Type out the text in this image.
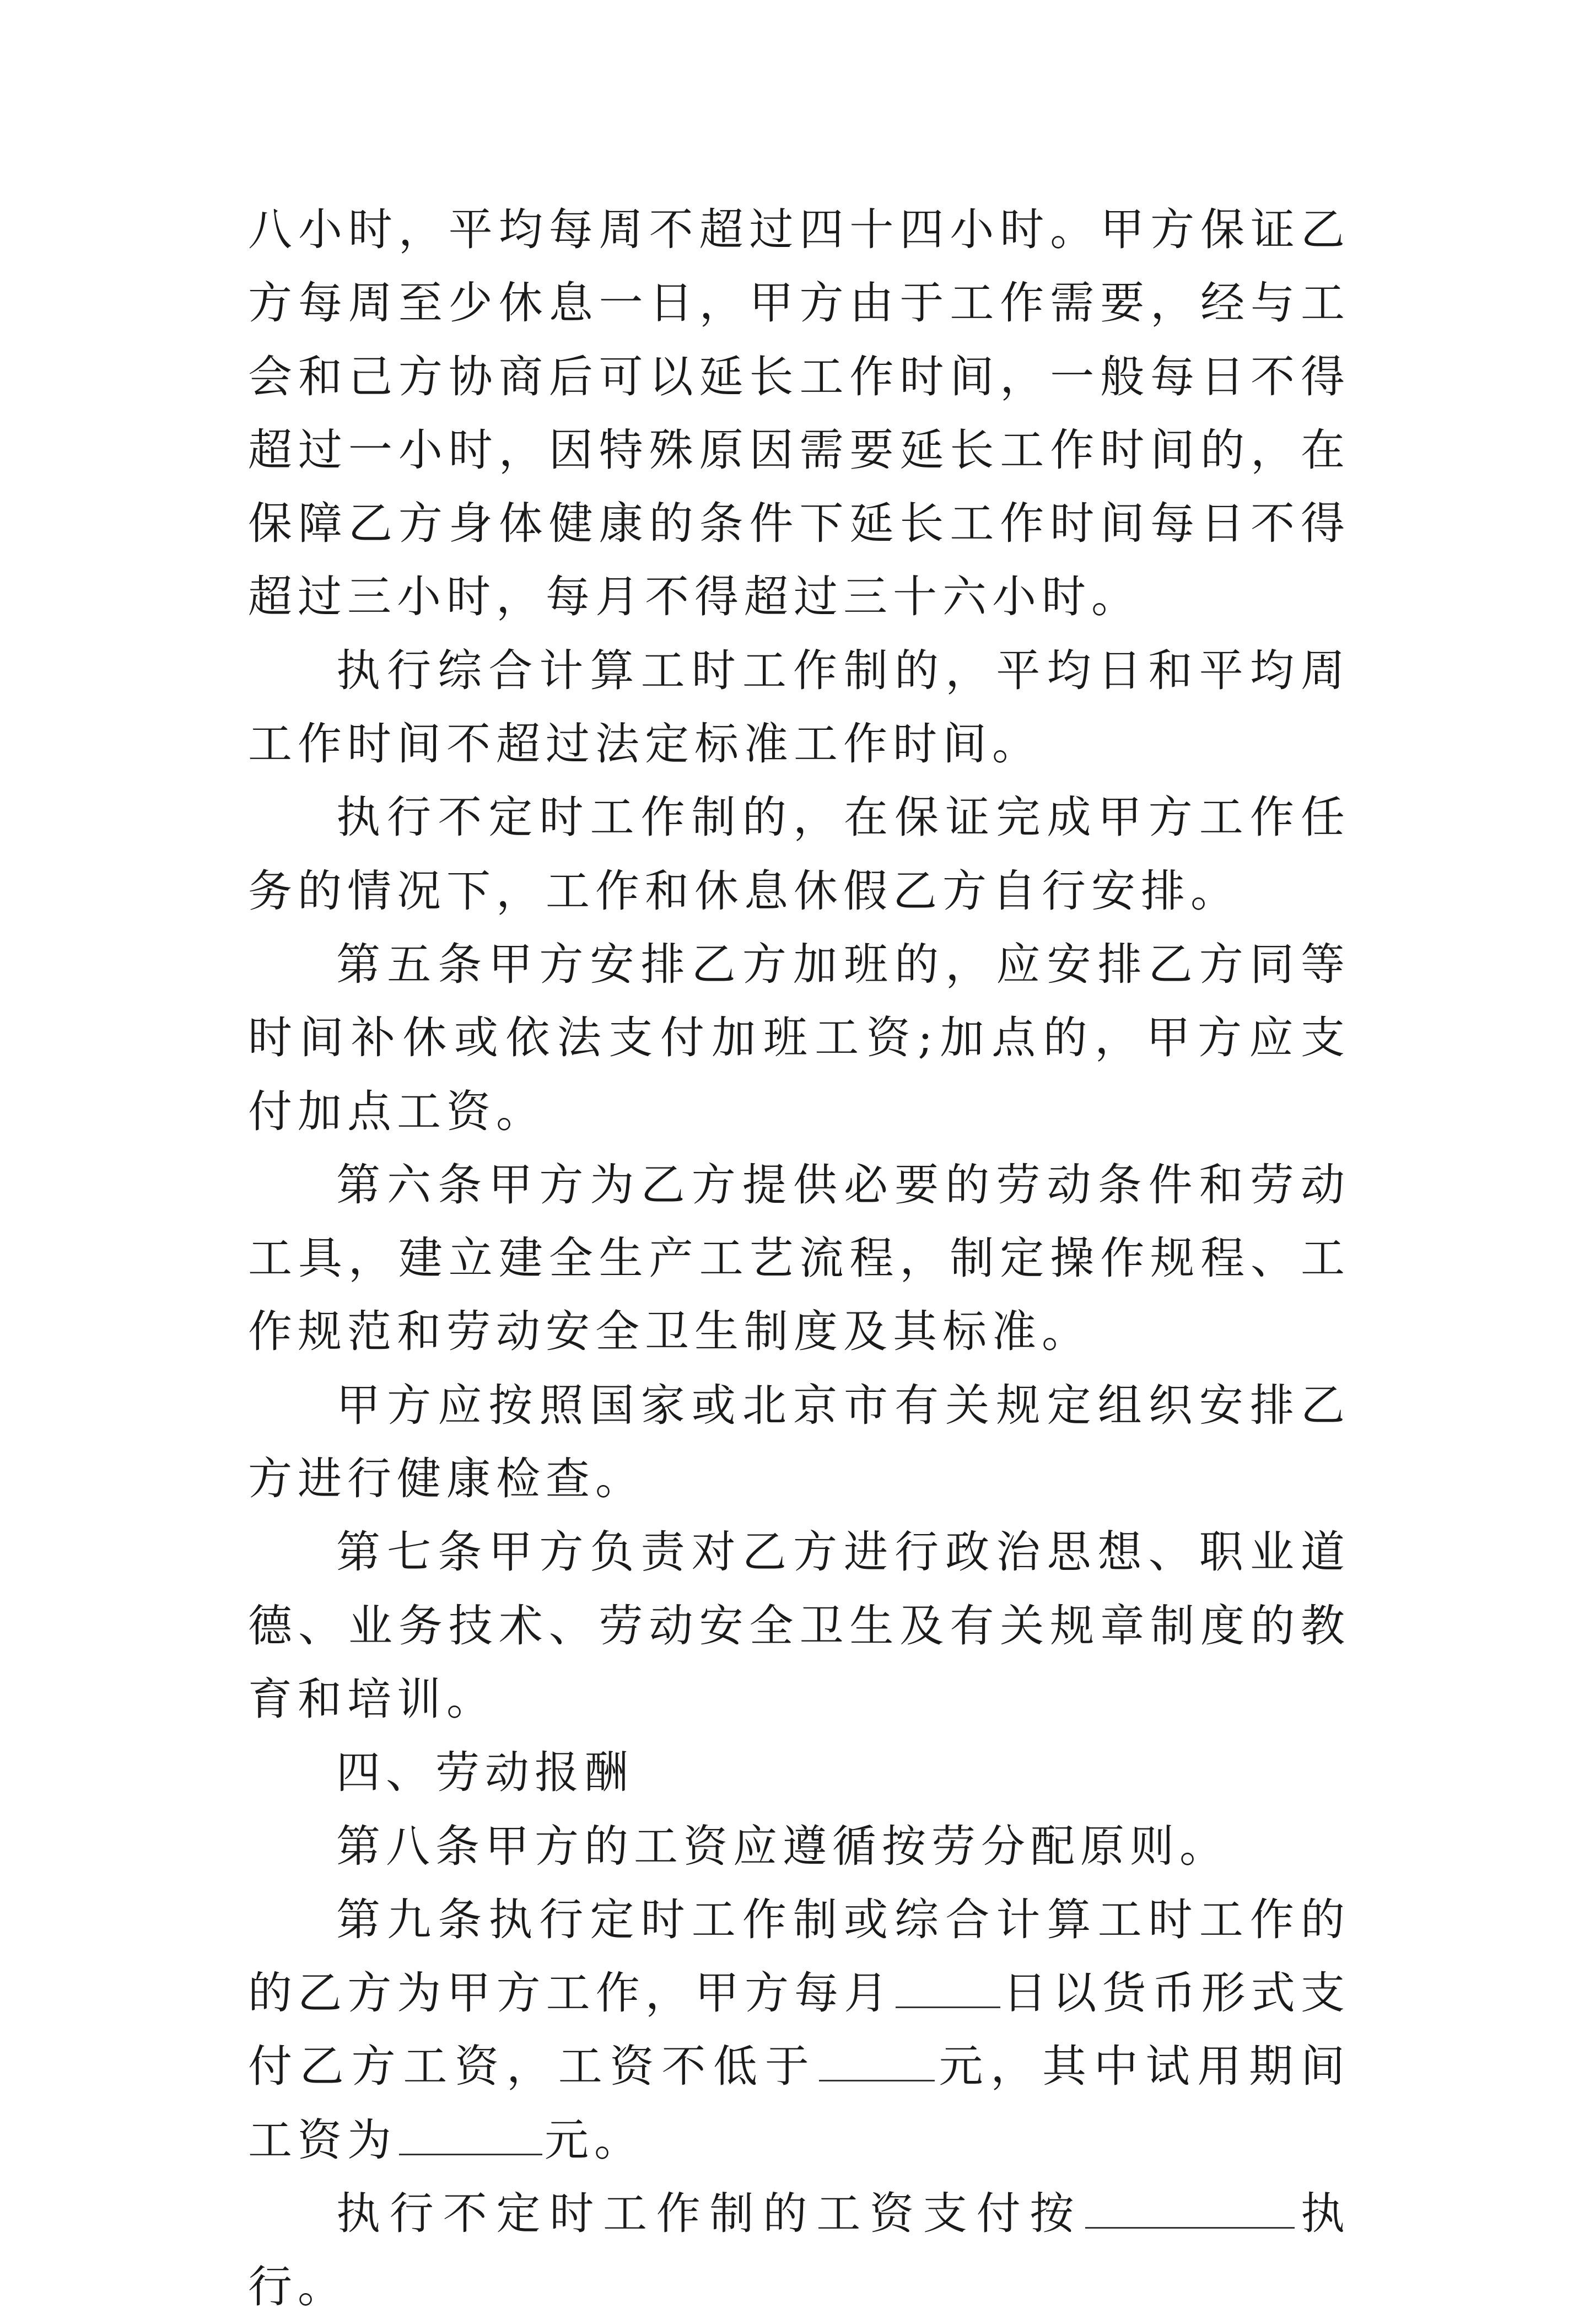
八小时，平均每周不超过四十四小时。甲方保证乙方每周至少休息一日，甲方由于工作需要，经与工会和己方协商后可以延长工作时间，一般每日不得超过一小时，因特殊原因需要延长工作时间的，在保障乙方身体健康的条件下延长工作时间每日不得超过三小时，每月不得超过三十六小时。

执行综合计算工时工作制的，平均日和平均周工作时间不超过法定标准工作时间。

执行不定时工作制的，在保证完成甲方工作任务的情况下，工作和休息休假乙方自行安排。

第五条甲方安排乙方加班的，应安排乙方同等时间补休或依法支付加班工资;加点的，甲方应支付加点工资。

第六条甲方为乙方提供必要的劳动条件和劳动工具，建立建全生产工艺流程，制定操作规程、工作规范和劳动安全卫生制度及其标准。

甲方应按照国家或北京市有关规定组织安排乙方进行健康检查。

第七条甲方负责对乙方进行政治思想、职业道德、业务技术、劳动安全卫生及有关规章制度的教育和培训。

四、劳动报酬

第八条甲方的工资应遵循按劳分配原则。

第九条执行定时工作制或综合计算工时工作的的乙方为甲方工作，甲方每月 日以货币形式支付乙方工资，工资不低于	元，其中试用期间工资为	元。

执行不定时工作制的工资支付按	执行。
